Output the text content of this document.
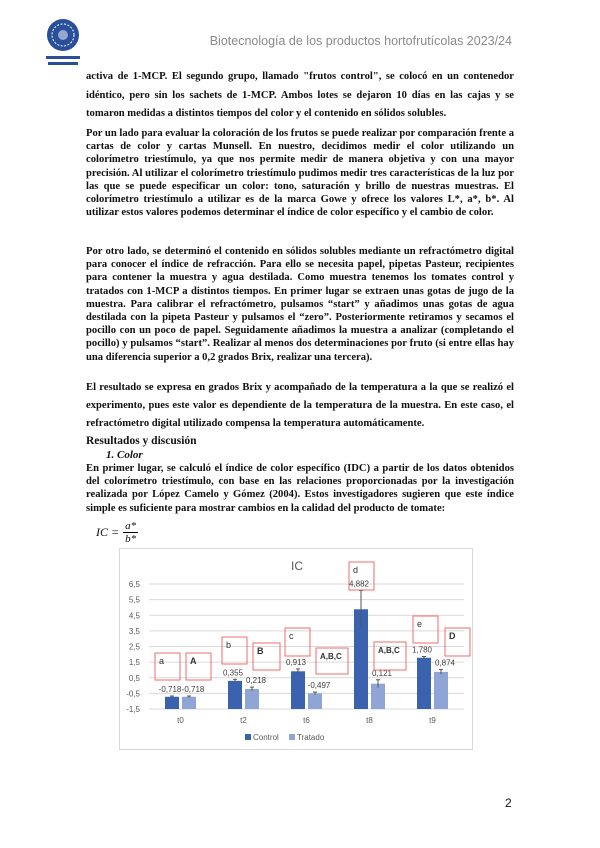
Biotecnología de los productos hortofrutícolas 2023/24
activa de 1-MCP. El segundo grupo, llamado "frutos control", se colocó en un contenedor idéntico, pero sin los sachets de 1-MCP. Ambos lotes se dejaron 10 días en las cajas y se tomaron medidas a distintos tiempos del color y el contenido en sólidos solubles.
Por un lado para evaluar la coloración de los frutos se puede realizar por comparación frente a cartas de color y cartas Munsell. En nuestro, decidimos medir el color utilizando un colorímetro triestímulo, ya que nos permite medir de manera objetiva y con una mayor precisión. Al utilizar el colorímetro triestímulo pudimos medir tres características de la luz por las que se puede especificar un color: tono, saturación y brillo de nuestras muestras. El colorímetro triestímulo a utilizar es de la marca Gowe y ofrece los valores L*, a*, b*. Al utilizar estos valores podemos determinar el índice de color específico y el cambio de color.
Por otro lado, se determinó el contenido en sólidos solubles mediante un refractómetro digital para conocer el índice de refracción. Para ello se necesita papel, pipetas Pasteur, recipientes para contener la muestra y agua destilada. Como muestra tenemos los tomates control y tratados con 1-MCP a distintos tiempos. En primer lugar se extraen unas gotas de jugo de la muestra. Para calibrar el refractómetro, pulsamos “start” y añadimos unas gotas de agua destilada con la pipeta Pasteur y pulsamos el “zero”. Posteriormente retiramos y secamos el pocillo con un poco de papel. Seguidamente añadimos la muestra a analizar (completando el pocillo) y pulsamos “start”. Realizar al menos dos determinaciones por fruto (si entre ellas hay una diferencia superior a 0,2 grados Brix, realizar una tercera).
El resultado se expresa en grados Brix y acompañado de la temperatura a la que se realizó el experimento, pues este valor es dependiente de la temperatura de la muestra. En este caso, el refractómetro digital utilizado compensa la temperatura automáticamente.
Resultados y discusión
1. Color
En primer lugar, se calculó el índice de color específico (IDC) a partir de los datos obtenidos del colorímetro triestímulo, con base en las relaciones proporcionadas por la investigación realizada por López Camelo y Gómez (2004). Estos investigadores sugieren que este índice simple es suficiente para mostrar cambios en la calidad del producto de tomate:
IC = $\frac{a*}{b*}$
IC
6,5
5,5
4,5
3,5
2,5
1,5
0,5
-0,5
-1,5
t0
-0,718
a
-0,718
A
t2
0,355
b
0,218
B
t6
0,913
c
-0,497
A,B,C
t8
4,882
d
0,121
A,B,C
t9
1,780
e
0,874
D
Control Tratado
2
